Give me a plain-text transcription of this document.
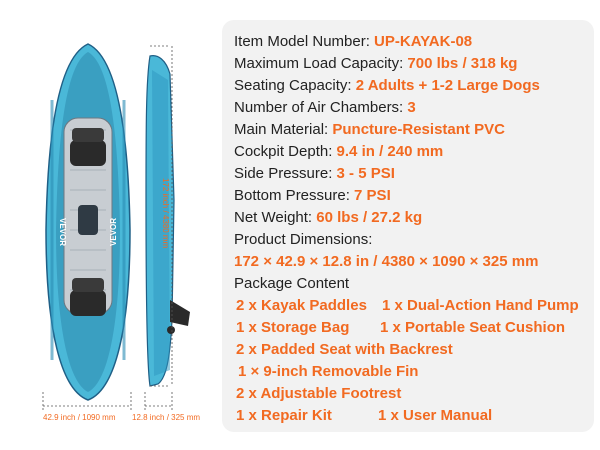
VEVOR	VEVOR
42.9 inch / 1090 mm 12.8 inch / 325 mm
172 inch / 4380 mm
Item Model Number: UP-KAYAK-08
Maximum Load Capacity: 700 lbs / 318 kg
Seating Capacity: 2 Adults + 1-2 Large Dogs
Number of Air Chambers: 3
Main Material: Puncture-Resistant PVC
Cockpit Depth: 9.4 in / 240 mm
Side Pressure: 3 - 5 PSI
Bottom Pressure: 7 PSI
Net Weight: 60 lbs / 27.2 kg
Product Dimensions:
172 × 42.9 × 12.8 in / 4380 × 1090 × 325 mm
Package Content
2 x Kayak Paddles 1 x Dual-Action Hand Pump
1 x Storage Bag 1 x Portable Seat Cushion
2 x Padded Seat with Backrest
1 × 9-inch Removable Fin
2 x Adjustable Footrest
1 x Repair Kit	1 x User Manual
